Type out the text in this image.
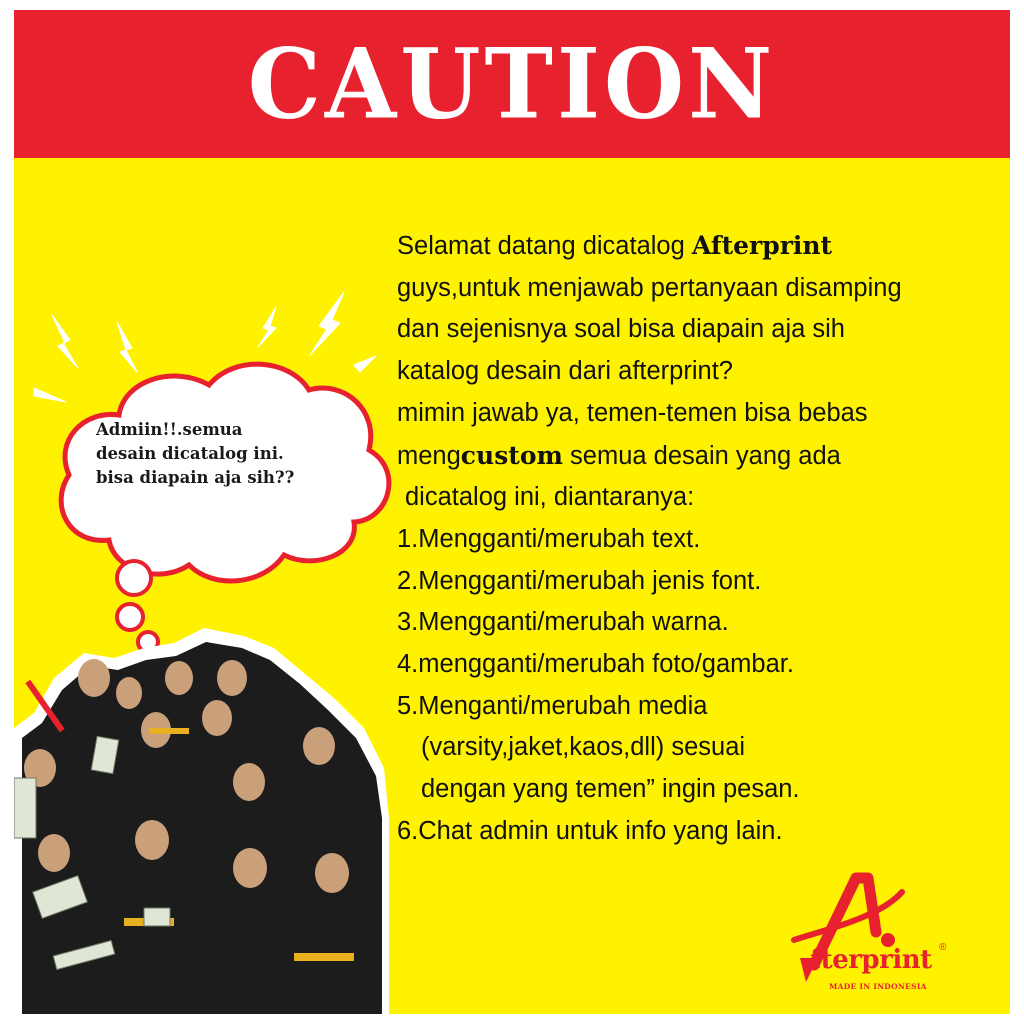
CAUTION
Admiin!!.semua
desain dicatalog ini.
bisa diapain aja sih??
Selamat datang dicatalog Afterprint
guys,untuk menjawab pertanyaan disamping
dan sejenisnya soal bisa diapain aja sih
katalog desain dari afterprint?
mimin jawab ya, temen-temen bisa bebas
mengcustom semua desain yang ada
dicatalog ini, diantaranya:
1.Mengganti/merubah text.
2.Mengganti/merubah jenis font.
3.Mengganti/merubah warna.
4.mengganti/merubah foto/gambar.
5.Menganti/merubah media
(varsity,jaket,kaos,dll) sesuai
dengan yang temen” ingin pesan.
6.Chat admin untuk info yang lain.
fterprint ®
MADE IN INDONESIA
